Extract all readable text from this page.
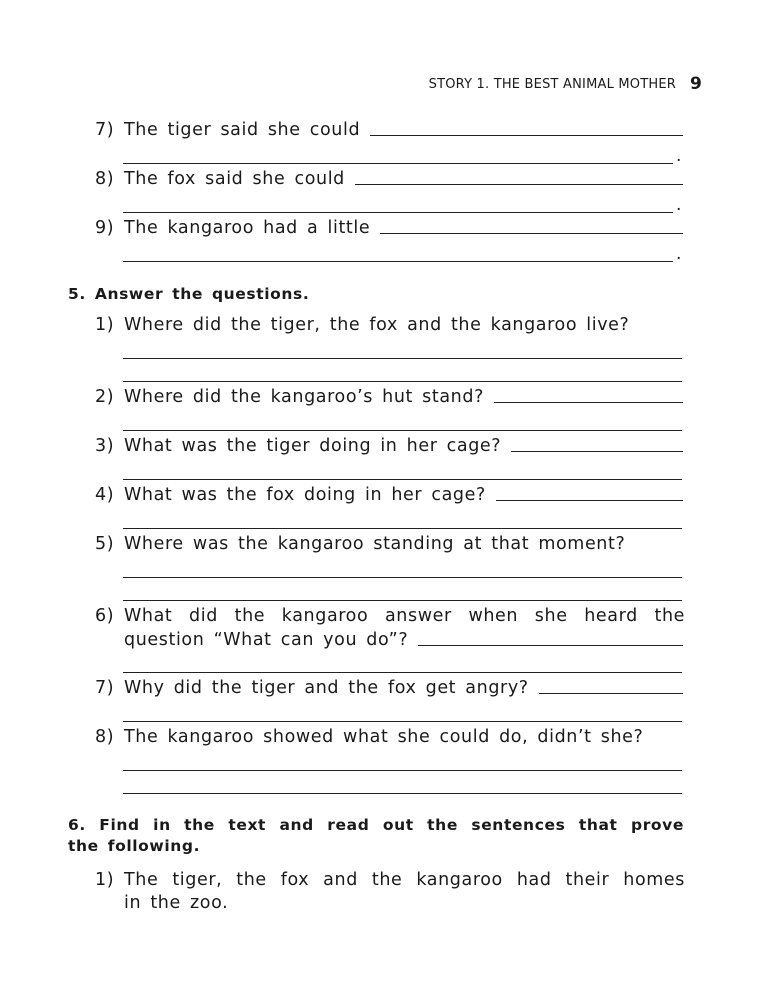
STORY 1. THE BEST ANIMAL MOTHER 9
7) The tiger said she could
.
8) The fox said she could
.
9) The kangaroo had a little
.
5. Answer the questions.
1) Where did the tiger, the fox and the kangaroo live?
2) Where did the kangaroo’s hut stand?
3) What was the tiger doing in her cage?
4) What was the fox doing in her cage?
5) Where was the kangaroo standing at that moment?
6) What did the kangaroo answer when she heard the
question “What can you do”?
7) Why did the tiger and the fox get angry?
8) The kangaroo showed what she could do, didn’t she?
6. Find in the text and read out the sentences that prove
the following.
1) The tiger, the fox and the kangaroo had their homes
in the zoo.
